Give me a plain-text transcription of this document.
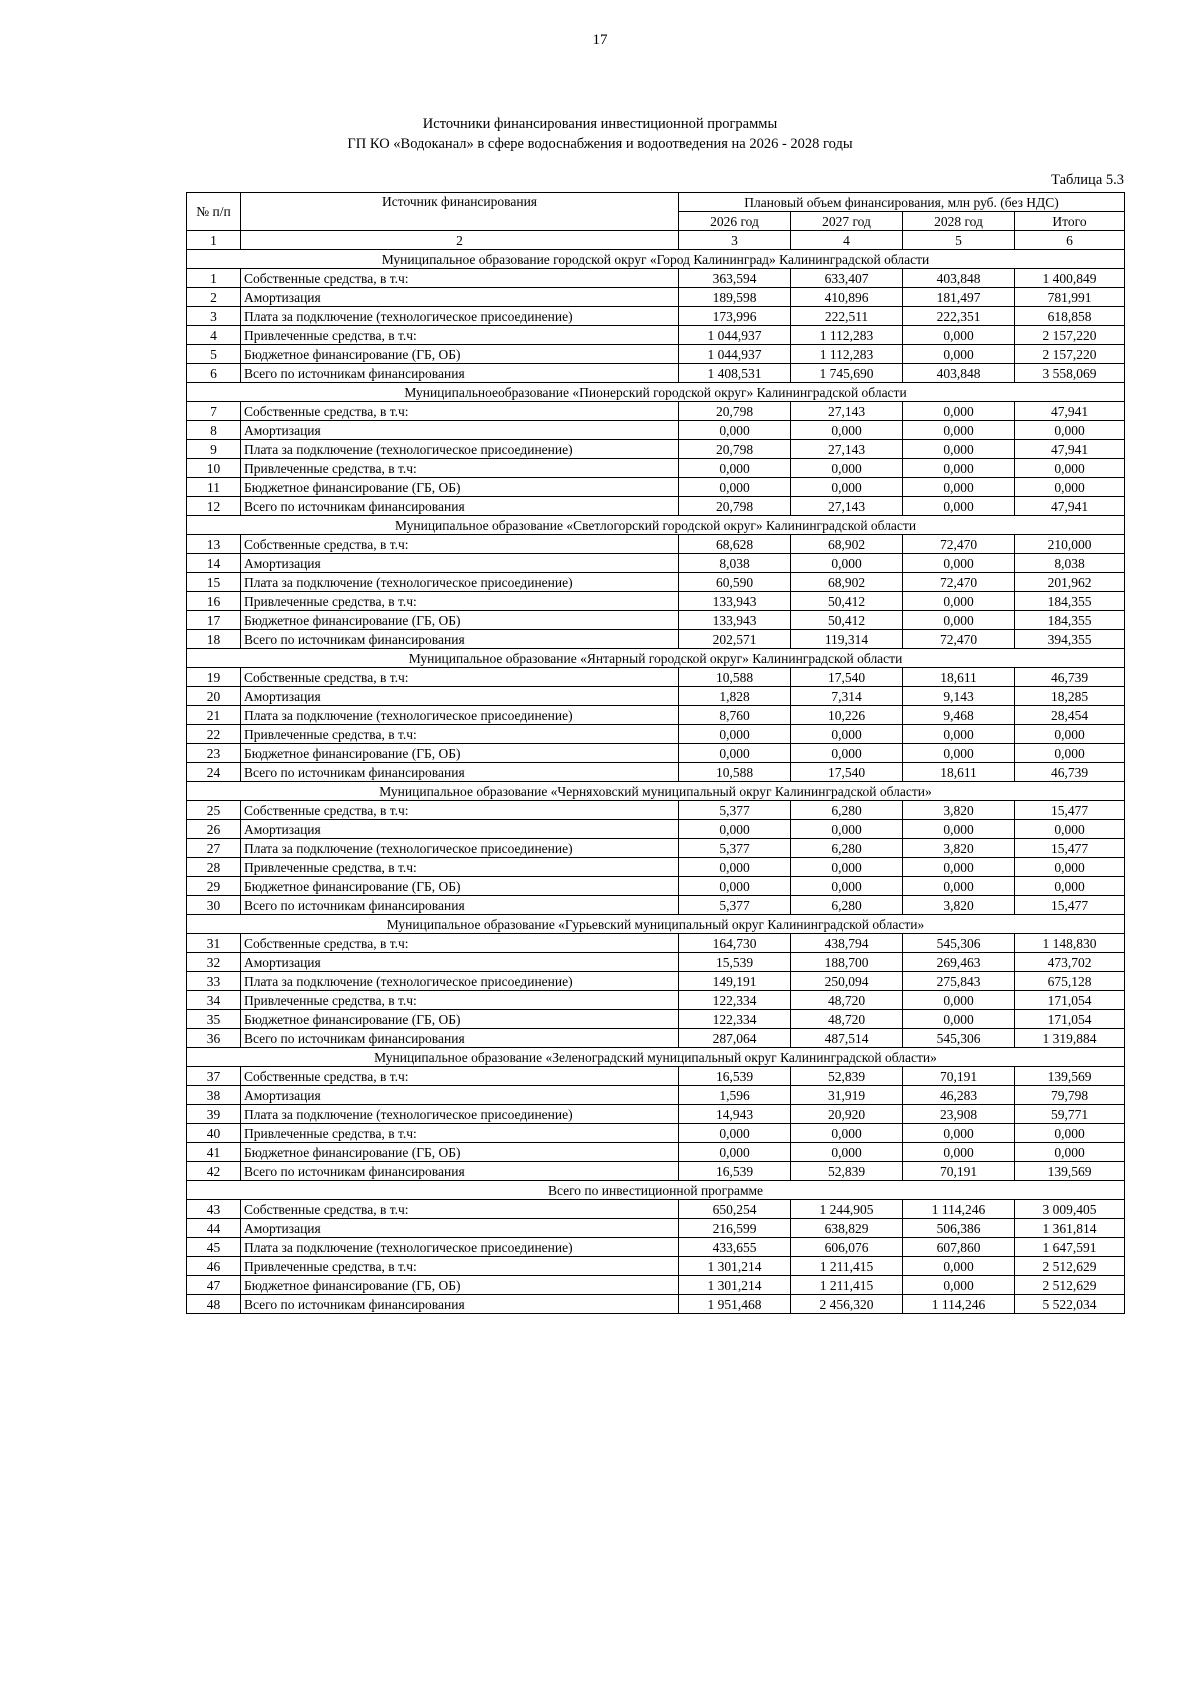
17
Источники финансирования инвестиционной программы
ГП КО «Водоканал» в сфере водоснабжения и водоотведения на 2026 - 2028 годы
Таблица 5.3
№ п/п	Источник финансирования	Плановый объем финансирования, млн руб. (без НДС)			
		2026 год	2027 год	2028 год	Итого
1	2	3	4	5	6
Муниципальное образование городской округ «Город Калининград» Калининградской области					
1	Собственные средства, в т.ч:	363,594	633,407	403,848	1 400,849
2	Амортизация	189,598	410,896	181,497	781,991
3	Плата за подключение (технологическое присоединение)	173,996	222,511	222,351	618,858
4	Привлеченные средства, в т.ч:	1 044,937	1 112,283	0,000	2 157,220
5	Бюджетное финансирование (ГБ, ОБ)	1 044,937	1 112,283	0,000	2 157,220
6	Всего по источникам финансирования	1 408,531	1 745,690	403,848	3 558,069
Муниципальноеобразование «Пионерский городской округ» Калининградской области					
7	Собственные средства, в т.ч:	20,798	27,143	0,000	47,941
8	Амортизация	0,000	0,000	0,000	0,000
9	Плата за подключение (технологическое присоединение)	20,798	27,143	0,000	47,941
10	Привлеченные средства, в т.ч:	0,000	0,000	0,000	0,000
11	Бюджетное финансирование (ГБ, ОБ)	0,000	0,000	0,000	0,000
12	Всего по источникам финансирования	20,798	27,143	0,000	47,941
Муниципальное образование «Светлогорский городской округ» Калининградской области					
13	Собственные средства, в т.ч:	68,628	68,902	72,470	210,000
14	Амортизация	8,038	0,000	0,000	8,038
15	Плата за подключение (технологическое присоединение)	60,590	68,902	72,470	201,962
16	Привлеченные средства, в т.ч:	133,943	50,412	0,000	184,355
17	Бюджетное финансирование (ГБ, ОБ)	133,943	50,412	0,000	184,355
18	Всего по источникам финансирования	202,571	119,314	72,470	394,355
Муниципальное образование «Янтарный городской округ» Калининградской области					
19	Собственные средства, в т.ч:	10,588	17,540	18,611	46,739
20	Амортизация	1,828	7,314	9,143	18,285
21	Плата за подключение (технологическое присоединение)	8,760	10,226	9,468	28,454
22	Привлеченные средства, в т.ч:	0,000	0,000	0,000	0,000
23	Бюджетное финансирование (ГБ, ОБ)	0,000	0,000	0,000	0,000
24	Всего по источникам финансирования	10,588	17,540	18,611	46,739
Муниципальное образование «Черняховский муниципальный округ Калининградской области»					
25	Собственные средства, в т.ч:	5,377	6,280	3,820	15,477
26	Амортизация	0,000	0,000	0,000	0,000
27	Плата за подключение (технологическое присоединение)	5,377	6,280	3,820	15,477
28	Привлеченные средства, в т.ч:	0,000	0,000	0,000	0,000
29	Бюджетное финансирование (ГБ, ОБ)	0,000	0,000	0,000	0,000
30	Всего по источникам финансирования	5,377	6,280	3,820	15,477
Муниципальное образование «Гурьевский муниципальный округ Калининградской области»					
31	Собственные средства, в т.ч:	164,730	438,794	545,306	1 148,830
32	Амортизация	15,539	188,700	269,463	473,702
33	Плата за подключение (технологическое присоединение)	149,191	250,094	275,843	675,128
34	Привлеченные средства, в т.ч:	122,334	48,720	0,000	171,054
35	Бюджетное финансирование (ГБ, ОБ)	122,334	48,720	0,000	171,054
36	Всего по источникам финансирования	287,064	487,514	545,306	1 319,884
Муниципальное образование «Зеленоградский муниципальный округ Калининградской области»					
37	Собственные средства, в т.ч:	16,539	52,839	70,191	139,569
38	Амортизация	1,596	31,919	46,283	79,798
39	Плата за подключение (технологическое присоединение)	14,943	20,920	23,908	59,771
40	Привлеченные средства, в т.ч:	0,000	0,000	0,000	0,000
41	Бюджетное финансирование (ГБ, ОБ)	0,000	0,000	0,000	0,000
42	Всего по источникам финансирования	16,539	52,839	70,191	139,569
Всего по инвестиционной программе					
43	Собственные средства, в т.ч:	650,254	1 244,905	1 114,246	3 009,405
44	Амортизация	216,599	638,829	506,386	1 361,814
45	Плата за подключение (технологическое присоединение)	433,655	606,076	607,860	1 647,591
46	Привлеченные средства, в т.ч:	1 301,214	1 211,415	0,000	2 512,629
47	Бюджетное финансирование (ГБ, ОБ)	1 301,214	1 211,415	0,000	2 512,629
48	Всего по источникам финансирования	1 951,468	2 456,320	1 114,246	5 522,034
